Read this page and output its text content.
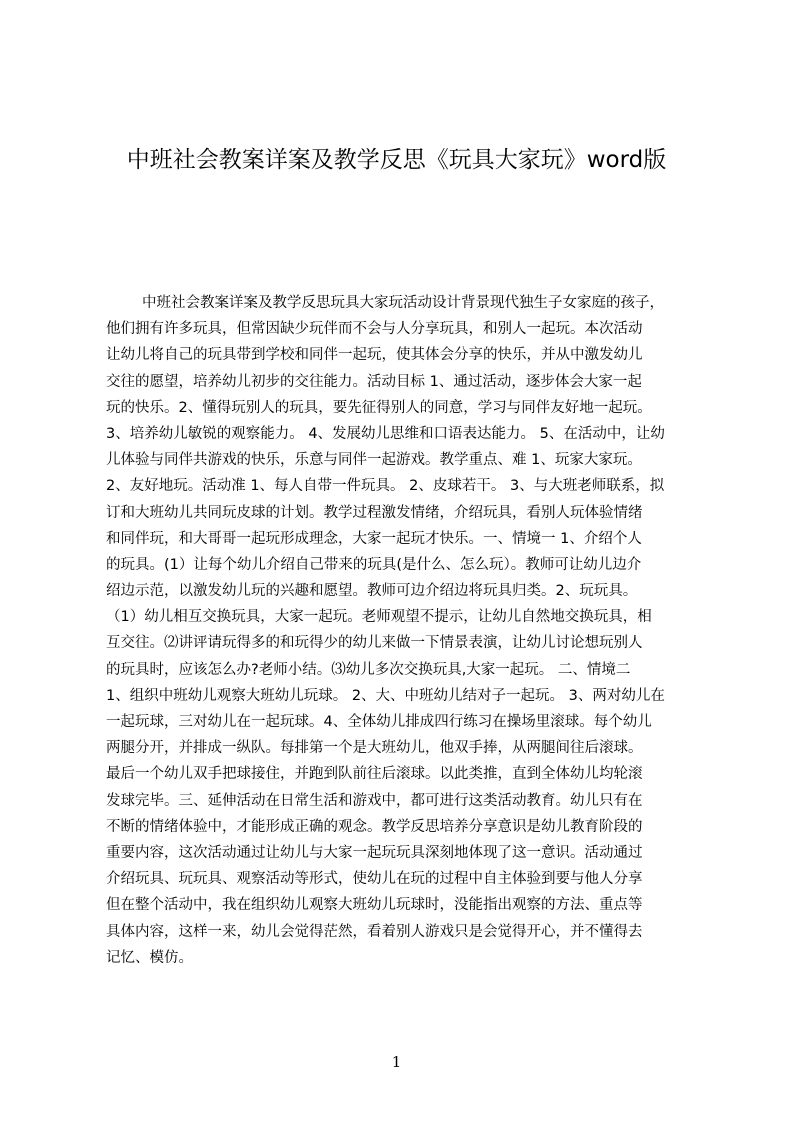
中班社会教案详案及教学反思《玩具大家玩》word版
中班社会教案详案及教学反思玩具大家玩活动设计背景现代独生子女家庭的孩子，
他们拥有许多玩具，但常因缺少玩伴而不会与人分享玩具，和别人一起玩。本次活动
让幼儿将自己的玩具带到学校和同伴一起玩，使其体会分享的快乐，并从中激发幼儿
交往的愿望，培养幼儿初步的交往能力。活动目标 1、通过活动，逐步体会大家一起
玩的快乐。2、懂得玩别人的玩具，要先征得别人的同意，学习与同伴友好地一起玩。
3、培养幼儿敏锐的观察能力。 4、发展幼儿思维和口语表达能力。 5、在活动中，让幼
儿体验与同伴共游戏的快乐，乐意与同伴一起游戏。教学重点、难 1、玩家大家玩。
2、友好地玩。活动准 1、每人自带一件玩具。 2、皮球若干。 3、与大班老师联系，拟
订和大班幼儿共同玩皮球的计划。教学过程激发情绪，介绍玩具，看别人玩体验情绪
和同伴玩，和大哥哥一起玩形成理念，大家一起玩才快乐。一、情境一 1、介绍个人
的玩具。(1）让每个幼儿介绍自己带来的玩具(是什么、怎么玩）。教师可让幼儿边介
绍边示范，以激发幼儿玩的兴趣和愿望。教师可边介绍边将玩具归类。2、玩玩具。
（1）幼儿相互交换玩具，大家一起玩。老师观望不提示，让幼儿自然地交换玩具，相
互交往。⑵讲评请玩得多的和玩得少的幼儿来做一下情景表演，让幼儿讨论想玩别人
的玩具时，应该怎么办?老师小结。⑶幼儿多次交换玩具,大家一起玩。 二、情境二
1、组织中班幼儿观察大班幼儿玩球。 2、大、中班幼儿结对子一起玩。 3、两对幼儿在
一起玩球，三对幼儿在一起玩球。4、全体幼儿排成四行练习在操场里滚球。每个幼儿
两腿分开，并排成一纵队。每排第一个是大班幼儿，他双手捧，从两腿间往后滚球。
最后一个幼儿双手把球接住，并跑到队前往后滚球。以此类推，直到全体幼儿均轮滚
发球完毕。三、延伸活动在日常生活和游戏中，都可进行这类活动教育。幼儿只有在
不断的情绪体验中，才能形成正确的观念。教学反思培养分享意识是幼儿教育阶段的
重要内容，这次活动通过让幼儿与大家一起玩玩具深刻地体现了这一意识。活动通过
介绍玩具、玩玩具、观察活动等形式，使幼儿在玩的过程中自主体验到要与他人分享
但在整个活动中，我在组织幼儿观察大班幼儿玩球时，没能指出观察的方法、重点等
具体内容，这样一来，幼儿会觉得茫然，看着别人游戏只是会觉得开心，并不懂得去
记忆、模仿。
1
